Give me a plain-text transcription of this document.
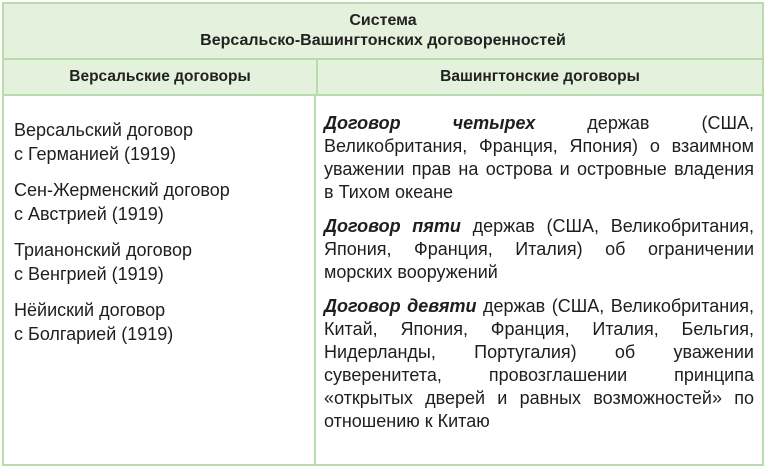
Система
Версальско-Вашингтонских договоренностей
Версальские договоры	Вашингтонские договоры
Версальский договор
с Германией (1919)
Сен-Жерменский договор
с Австрией (1919)
Трианонский договор
с Венгрией (1919)
Нёйиский договор
с Болгарией (1919)
Договор четырех держав (США, Великобритания, Франция, Япония) о взаимном уважении прав на острова и островные владения в Тихом океане
Договор пяти держав (США, Великобритания, Япония, Франция, Италия) об ограничении морских вооружений
Договор девяти держав (США, Великобритания, Китай, Япония, Франция, Италия, Бельгия, Нидерланды, Португалия) об уважении суверенитета, провозглашении принципа «открытых дверей и равных возможностей» по отношению к Китаю
